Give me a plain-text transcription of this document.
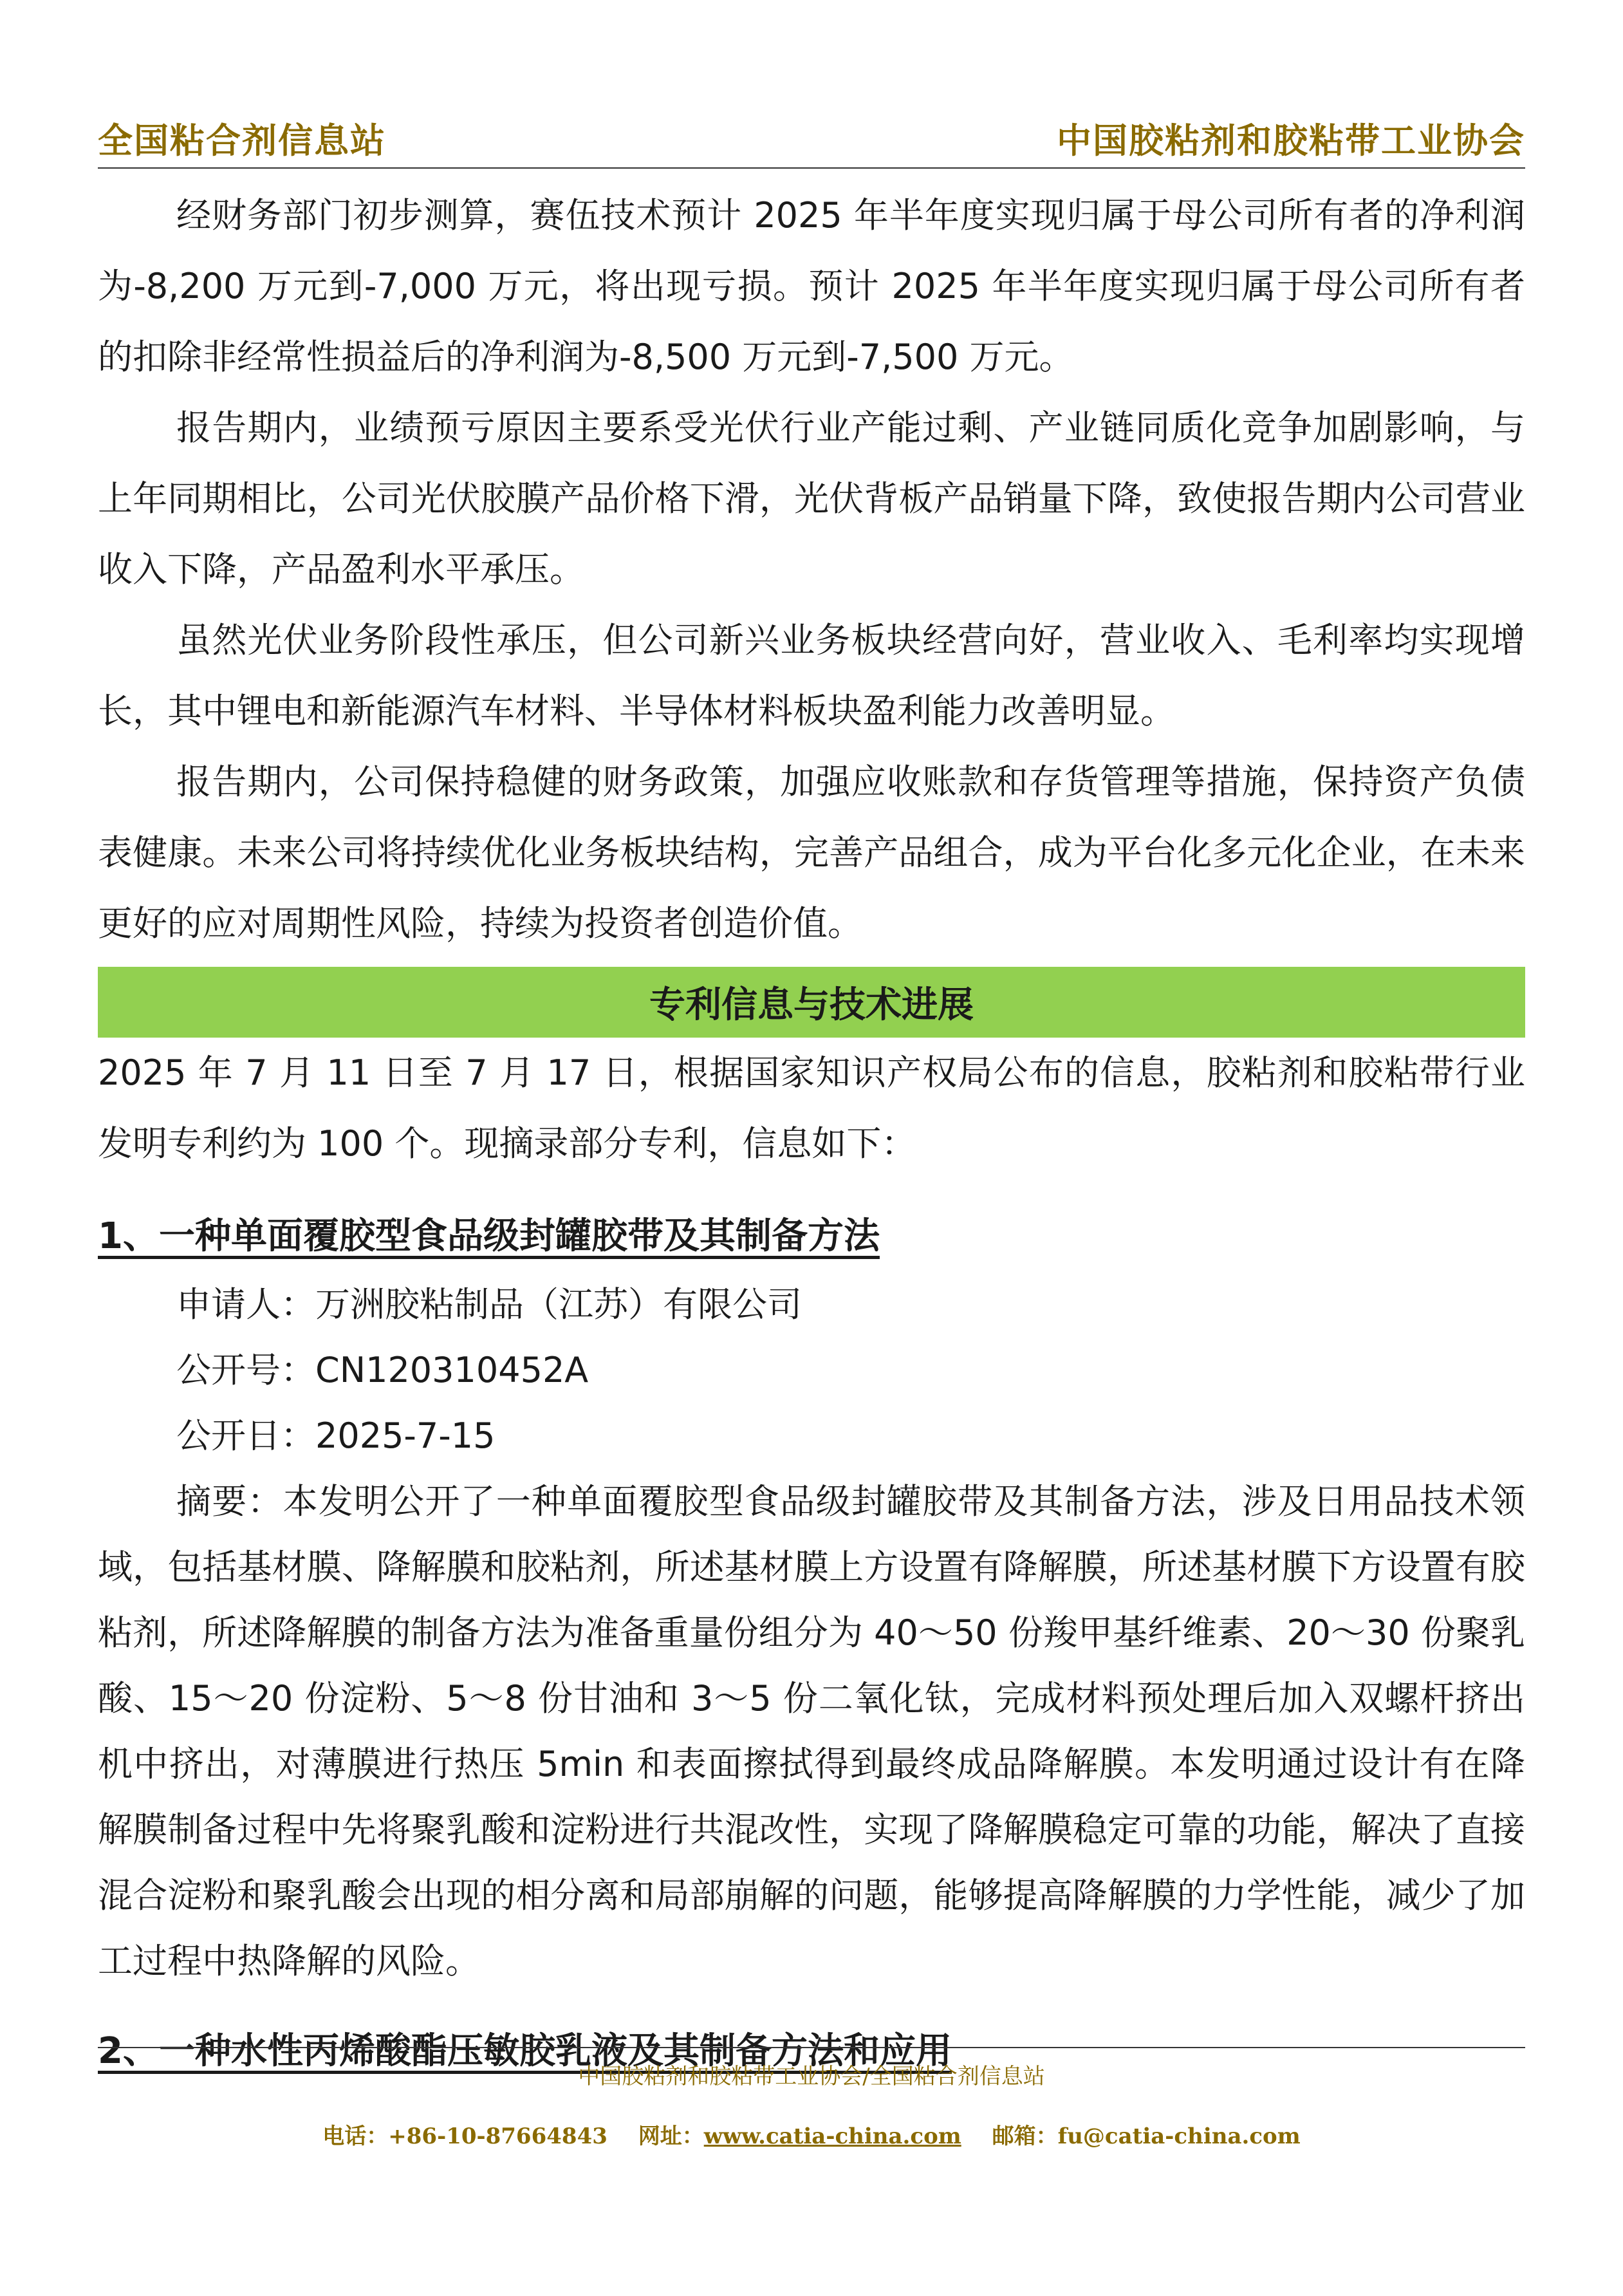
全国粘合剂信息站	中国胶粘剂和胶粘带工业协会

经财务部门初步测算，赛伍技术预计 2025 年半年度实现归属于母公司所有者的净利润为-8,200 万元到-7,000 万元，将出现亏损。预计 2025 年半年度实现归属于母公司所有者的扣除非经常性损益后的净利润为-8,500 万元到-7,500 万元。

报告期内，业绩预亏原因主要系受光伏行业产能过剩、产业链同质化竞争加剧影响，与上年同期相比，公司光伏胶膜产品价格下滑，光伏背板产品销量下降，致使报告期内公司营业收入下降，产品盈利水平承压。

虽然光伏业务阶段性承压，但公司新兴业务板块经营向好，营业收入、毛利率均实现增长，其中锂电和新能源汽车材料、半导体材料板块盈利能力改善明显。

报告期内，公司保持稳健的财务政策，加强应收账款和存货管理等措施，保持资产负债表健康。未来公司将持续优化业务板块结构，完善产品组合，成为平台化多元化企业，在未来更好的应对周期性风险，持续为投资者创造价值。

专利信息与技术进展

2025 年 7 月 11 日至 7 月 17 日，根据国家知识产权局公布的信息，胶粘剂和胶粘带行业发明专利约为 100 个。现摘录部分专利，信息如下：

1、一种单面覆胶型食品级封罐胶带及其制备方法
申请人：万洲胶粘制品（江苏）有限公司
公开号：CN120310452A
公开日：2025-7-15

摘要：本发明公开了一种单面覆胶型食品级封罐胶带及其制备方法，涉及日用品技术领域，包括基材膜、降解膜和胶粘剂，所述基材膜上方设置有降解膜，所述基材膜下方设置有胶粘剂，所述降解膜的制备方法为准备重量份组分为 40～50 份羧甲基纤维素、20～30 份聚乳酸、15～20 份淀粉、5～8 份甘油和 3～5 份二氧化钛，完成材料预处理后加入双螺杆挤出机中挤出，对薄膜进行热压 5min 和表面擦拭得到最终成品降解膜。本发明通过设计有在降解膜制备过程中先将聚乳酸和淀粉进行共混改性，实现了降解膜稳定可靠的功能，解决了直接混合淀粉和聚乳酸会出现的相分离和局部崩解的问题，能够提高降解膜的力学性能，减少了加工过程中热降解的风险。

2、一种水性丙烯酸酯压敏胶乳液及其制备方法和应用
中国胶粘剂和胶粘带工业协会/全国粘合剂信息站
电话：+86-10-87664843 网址：www.catia-china.com 邮箱：fu@catia-china.com
